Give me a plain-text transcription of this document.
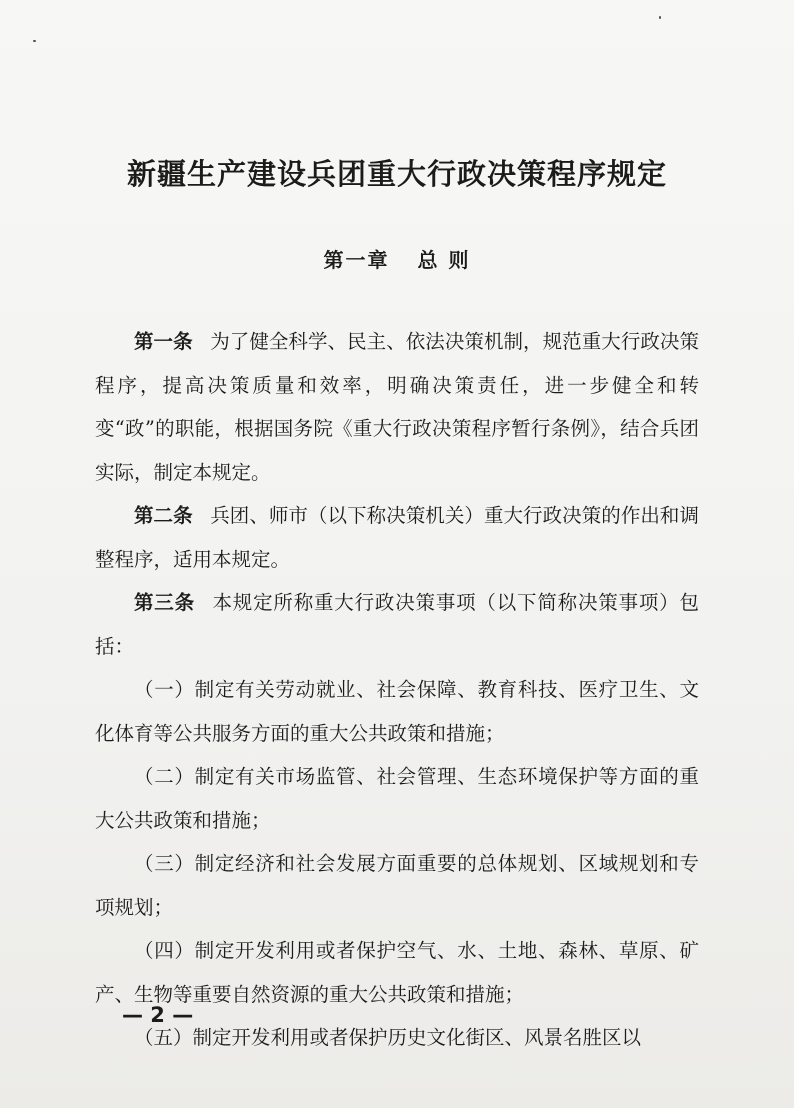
新疆生产建设兵团重大行政决策程序规定
第一章 总 则

第一条 为了健全科学、民主、依法决策机制，规范重大行政决策程序，提高决策质量和效率，明确决策责任，进一步健全和转变“政”的职能，根据国务院《重大行政决策程序暂行条例》，结合兵团实际，制定本规定。

第二条 兵团、师市（以下称决策机关）重大行政决策的作出和调整程序，适用本规定。

第三条 本规定所称重大行政决策事项（以下简称决策事项）包括：

（一）制定有关劳动就业、社会保障、教育科技、医疗卫生、文化体育等公共服务方面的重大公共政策和措施；

（二）制定有关市场监管、社会管理、生态环境保护等方面的重大公共政策和措施；

（三）制定经济和社会发展方面重要的总体规划、区域规划和专项规划；

（四）制定开发利用或者保护空气、水、土地、森林、草原、矿产、生物等重要自然资源的重大公共政策和措施；

（五）制定开发利用或者保护历史文化街区、风景名胜区以

— 2 —
